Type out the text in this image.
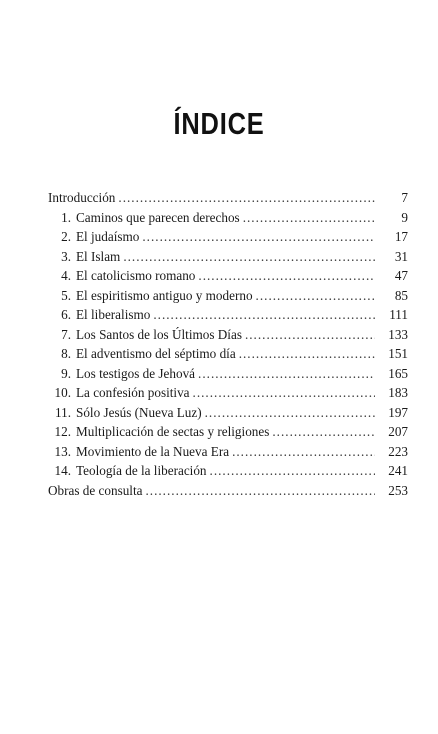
ÍNDICE
Introducción .....	7
1. Caminos que parecen derechos .....	9
2. El judaísmo .....	17
3. El Islam .....	31
4. El catolicismo romano .....	47
5. El espiritismo antiguo y moderno .....	85
6. El liberalismo .....	111
7. Los Santos de los Últimos Días .....	133
8. El adventismo del séptimo día .....	151
9. Los testigos de Jehová .....	165
10. La confesión positiva .....	183
11. Sólo Jesús (Nueva Luz) .....	197
12. Multiplicación de sectas y religiones .....	207
13. Movimiento de la Nueva Era .....	223
14. Teología de la liberación .....	241
Obras de consulta .....	253
